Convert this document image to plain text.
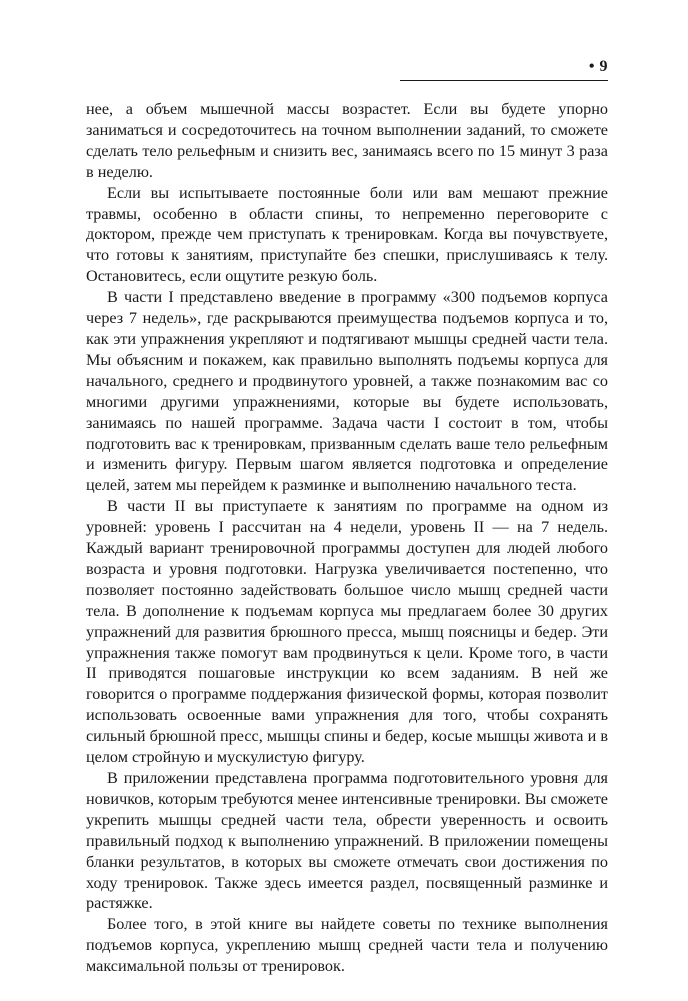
• 9

нее, а объем мышечной массы возрастет. Если вы будете упорно заниматься и сосредоточитесь на точном выполнении заданий, то сможете сделать тело рельефным и снизить вес, занимаясь всего по 15 минут 3 раза в неделю.

Если вы испытываете постоянные боли или вам мешают прежние травмы, особенно в области спины, то непременно переговорите с доктором, прежде чем приступать к тренировкам. Когда вы почувствуете, что готовы к занятиям, приступайте без спешки, прислушиваясь к телу. Остановитесь, если ощутите резкую боль.

В части I представлено введение в программу «300 подъемов корпуса через 7 недель», где раскрываются преимущества подъемов корпуса и то, как эти упражнения укрепляют и подтягивают мышцы средней части тела. Мы объясним и покажем, как правильно выполнять подъемы корпуса для начального, среднего и продвинутого уровней, а также познакомим вас со многими другими упражнениями, которые вы будете использовать, занимаясь по нашей программе. Задача части I состоит в том, чтобы подготовить вас к тренировкам, призванным сделать ваше тело рельефным и изменить фигуру. Первым шагом является подготовка и определение целей, затем мы перейдем к разминке и выполнению начального теста.

В части II вы приступаете к занятиям по программе на одном из уровней: уровень I рассчитан на 4 недели, уровень II — на 7 недель. Каждый вариант тренировочной программы доступен для людей любого возраста и уровня подготовки. Нагрузка увеличивается постепенно, что позволяет постоянно задействовать большое число мышц средней части тела. В дополнение к подъемам корпуса мы предлагаем более 30 других упражнений для развития брюшного пресса, мышц поясницы и бедер. Эти упражнения также помогут вам продвинуться к цели. Кроме того, в части II приводятся пошаговые инструкции ко всем заданиям. В ней же говорится о программе поддержания физической формы, которая позволит использовать освоенные вами упражнения для того, чтобы сохранять сильный брюшной пресс, мышцы спины и бедер, косые мышцы живота и в целом стройную и мускулистую фигуру.

В приложении представлена программа подготовительного уровня для новичков, которым требуются менее интенсивные тренировки. Вы сможете укрепить мышцы средней части тела, обрести уверенность и освоить правильный подход к выполнению упражнений. В приложении помещены бланки результатов, в которых вы сможете отмечать свои достижения по ходу тренировок. Также здесь имеется раздел, посвященный разминке и растяжке.

Более того, в этой книге вы найдете советы по технике выполнения подъемов корпуса, укреплению мышц средней части тела и получению максимальной пользы от тренировок.
